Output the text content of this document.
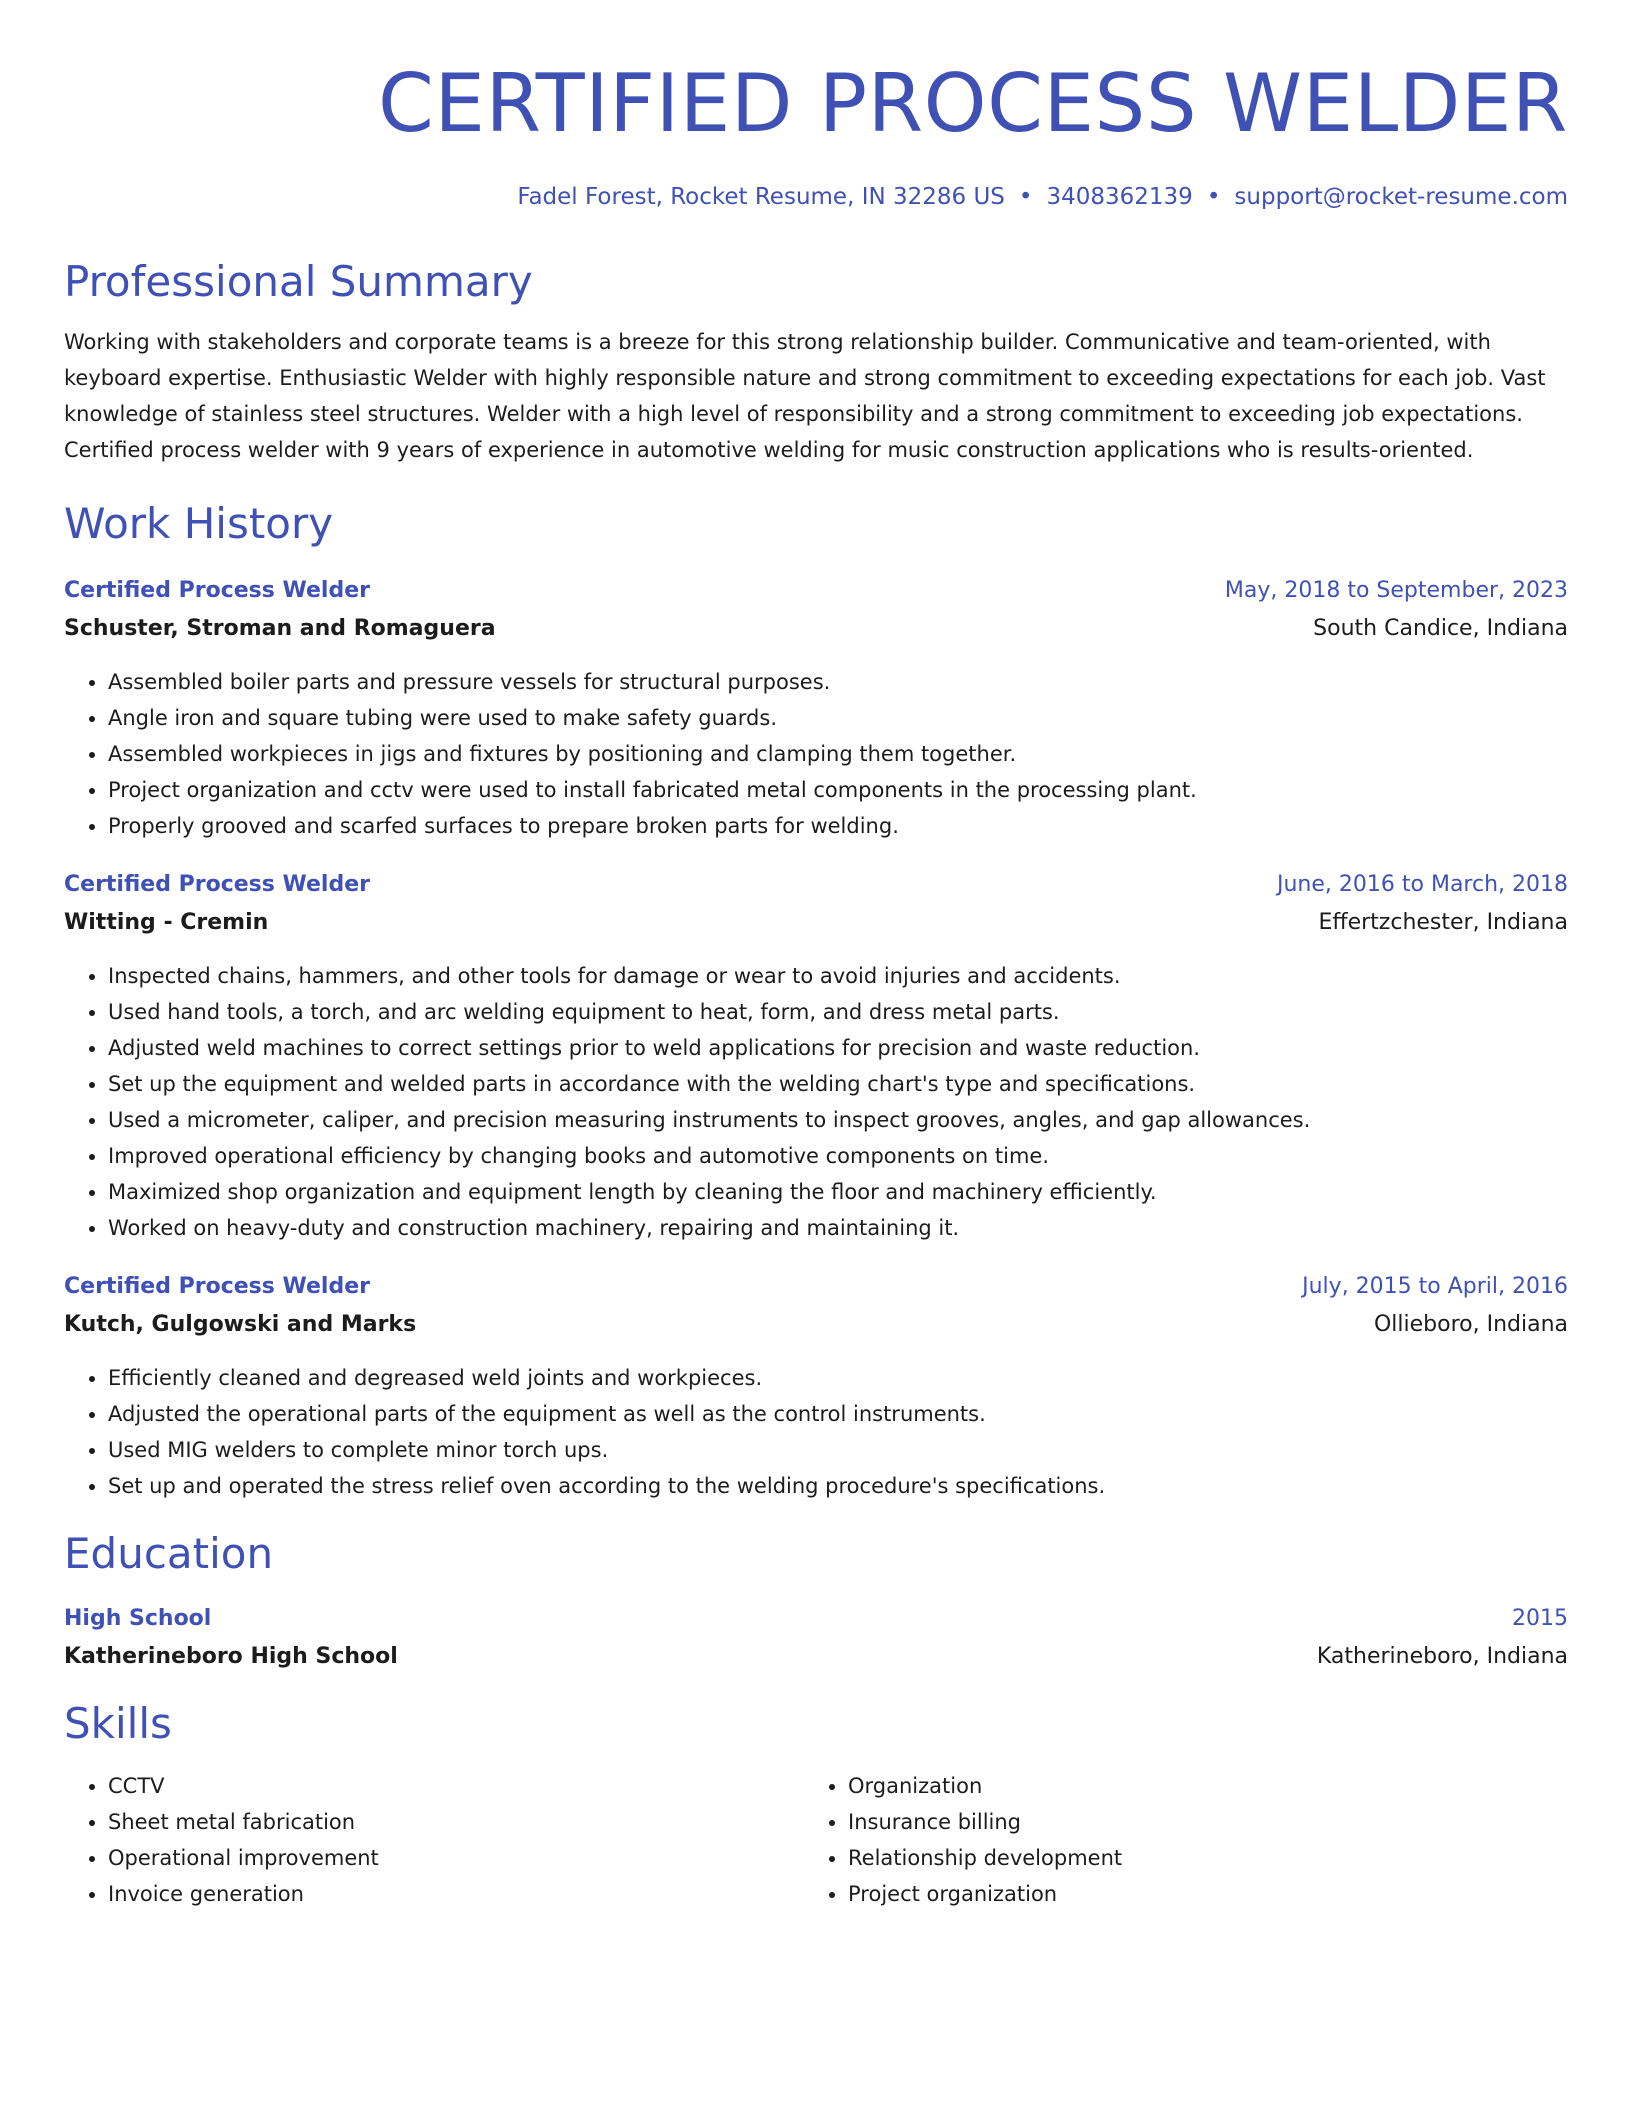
CERTIFIED PROCESS WELDER
Fadel Forest, Rocket Resume, IN 32286 US • 3408362139 • support@rocket-resume.com
Professional Summary

Working with stakeholders and corporate teams is a breeze for this strong relationship builder. Communicative and team-oriented, with keyboard expertise. Enthusiastic Welder with highly responsible nature and strong commitment to exceeding expectations for each job. Vast knowledge of stainless steel structures. Welder with a high level of responsibility and a strong commitment to exceeding job expectations. Certified process welder with 9 years of experience in automotive welding for music construction applications who is results-oriented.

Work History
Certified Process Welder	May, 2018 to September, 2023
Schuster, Stroman and Romaguera	South Candice, Indiana
• Assembled boiler parts and pressure vessels for structural purposes.
• Angle iron and square tubing were used to make safety guards.
• Assembled workpieces in jigs and fixtures by positioning and clamping them together.
• Project organization and cctv were used to install fabricated metal components in the processing plant.
• Properly grooved and scarfed surfaces to prepare broken parts for welding.
Certified Process Welder	June, 2016 to March, 2018
Witting - Cremin	Effertzchester, Indiana
• Inspected chains, hammers, and other tools for damage or wear to avoid injuries and accidents.
• Used hand tools, a torch, and arc welding equipment to heat, form, and dress metal parts.
• Adjusted weld machines to correct settings prior to weld applications for precision and waste reduction.
• Set up the equipment and welded parts in accordance with the welding chart's type and specifications.
• Used a micrometer, caliper, and precision measuring instruments to inspect grooves, angles, and gap allowances.
• Improved operational efficiency by changing books and automotive components on time.
• Maximized shop organization and equipment length by cleaning the floor and machinery efficiently.
• Worked on heavy-duty and construction machinery, repairing and maintaining it.
Certified Process Welder	July, 2015 to April, 2016
Kutch, Gulgowski and Marks	Ollieboro, Indiana
• Efficiently cleaned and degreased weld joints and workpieces.
• Adjusted the operational parts of the equipment as well as the control instruments.
• Used MIG welders to complete minor torch ups.
• Set up and operated the stress relief oven according to the welding procedure's specifications.
Education
High School	2015
Katherineboro High School	Katherineboro, Indiana
Skills
• CCTV
• Sheet metal fabrication
• Operational improvement
• Invoice generation
• Organization
• Insurance billing
• Relationship development
• Project organization
